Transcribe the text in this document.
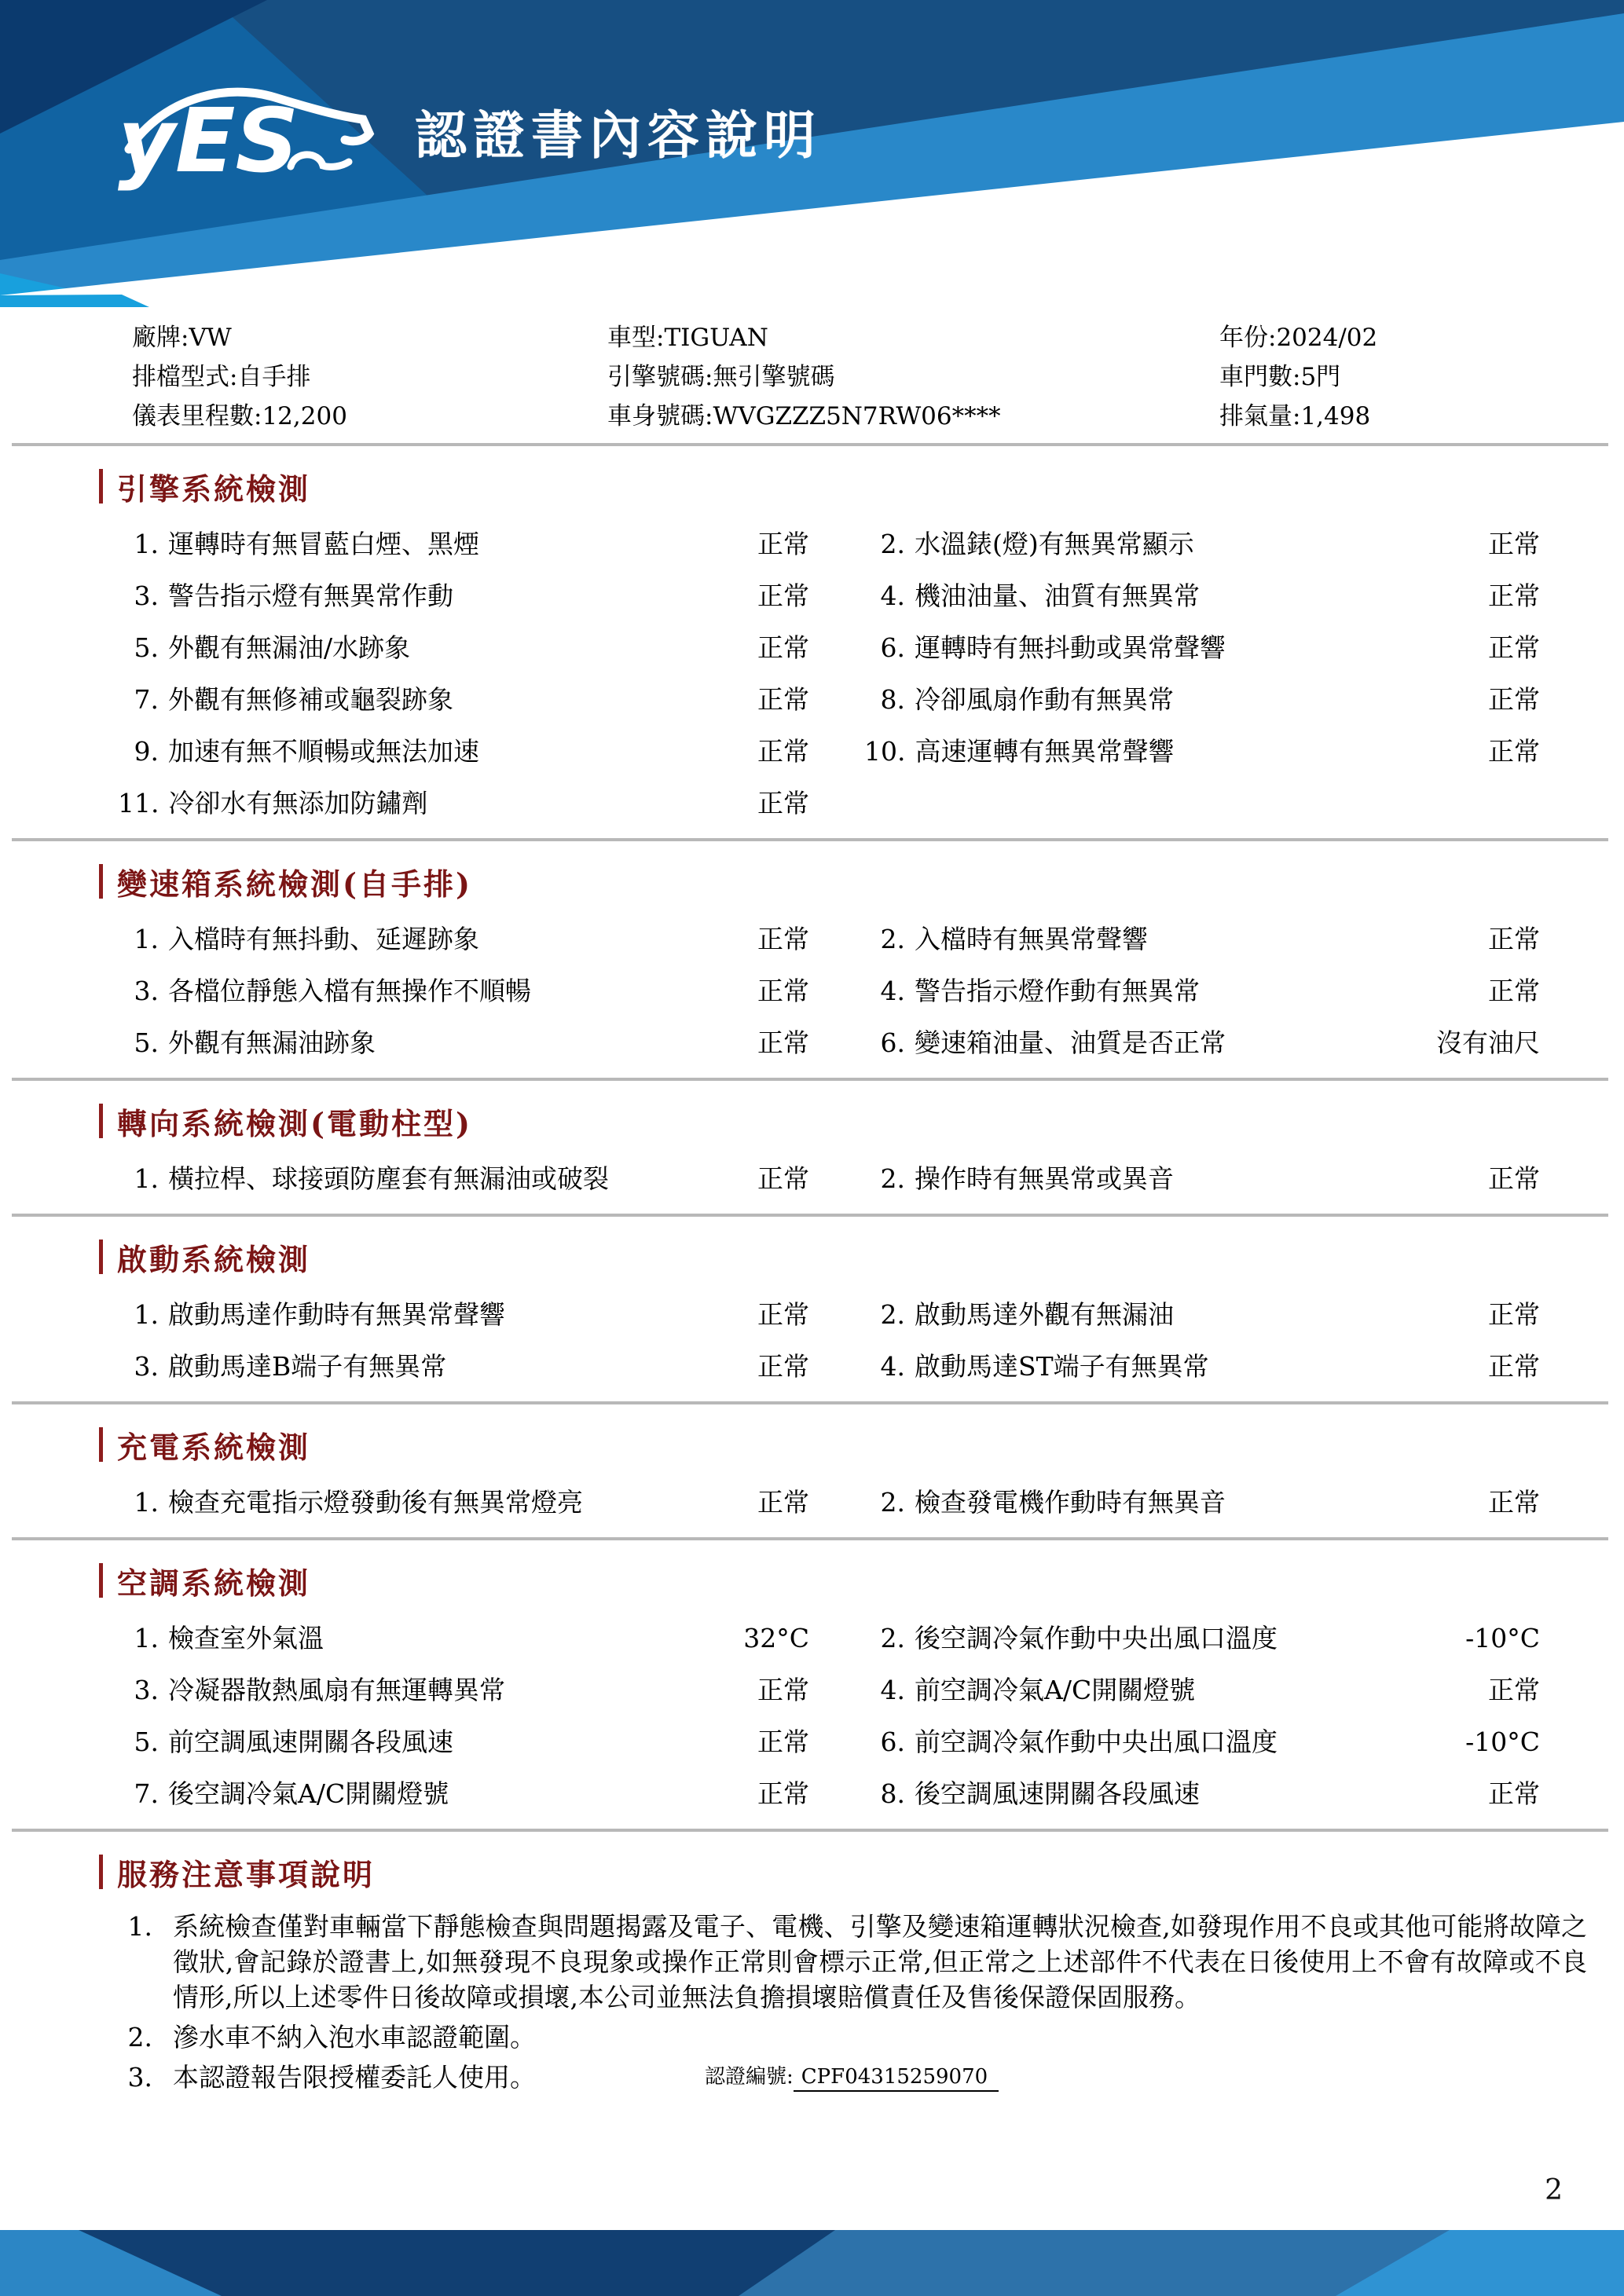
yES 認證書內容說明
廠牌:VW	車型:TIGUAN	年份:2024/02
排檔型式:自手排	引擎號碼:無引擎號碼	車門數:5門
儀表里程數:12,200	車身號碼:WVGZZZ5N7RW06****	排氣量:1,498
引擎系統檢測
1. 運轉時有無冒藍白煙、黑煙	正常	2. 水溫錶(燈)有無異常顯示	正常
3. 警告指示燈有無異常作動	正常	4. 機油油量、油質有無異常	正常
5. 外觀有無漏油/水跡象	正常	6. 運轉時有無抖動或異常聲響	正常
7. 外觀有無修補或龜裂跡象	正常	8. 冷卻風扇作動有無異常	正常
9. 加速有無不順暢或無法加速	正常 10. 高速運轉有無異常聲響	正常
11. 冷卻水有無添加防鏽劑	正常
變速箱系統檢測(自手排)
1. 入檔時有無抖動、延遲跡象	正常	2. 入檔時有無異常聲響	正常
3. 各檔位靜態入檔有無操作不順暢	正常	4. 警告指示燈作動有無異常	正常
5. 外觀有無漏油跡象	正常	6. 變速箱油量、油質是否正常	沒有油尺
轉向系統檢測(電動柱型)
1. 橫拉桿、球接頭防塵套有無漏油或破裂	正常	2. 操作時有無異常或異音	正常
啟動系統檢測
1. 啟動馬達作動時有無異常聲響	正常	2. 啟動馬達外觀有無漏油	正常
3. 啟動馬達B端子有無異常	正常	4. 啟動馬達ST端子有無異常	正常
充電系統檢測
1. 檢查充電指示燈發動後有無異常燈亮	正常	2. 檢查發電機作動時有無異音	正常
空調系統檢測
1. 檢查室外氣溫	32°C	2. 後空調冷氣作動中央出風口溫度	-10°C
3. 冷凝器散熱風扇有無運轉異常	正常	4. 前空調冷氣A/C開關燈號	正常
5. 前空調風速開關各段風速	正常	6. 前空調冷氣作動中央出風口溫度	-10°C
7. 後空調冷氣A/C開關燈號	正常	8. 後空調風速開關各段風速	正常
服務注意事項說明
1. 系統檢查僅對車輛當下靜態檢查與問題揭露及電子、電機、引擎及變速箱運轉狀況檢查,如發現作用不良或其他可能將故障之徵狀,會記錄於證書上,如無發現不良現象或操作正常則會標示正常,但正常之上述部件不代表在日後使用上不會有故障或不良情形,所以上述零件日後故障或損壞,本公司並無法負擔損壞賠償責任及售後保證保固服務。
2. 滲水車不納入泡水車認證範圍。
3. 本認證報告限授權委託人使用。	認證編號: CPF04315259070
2
